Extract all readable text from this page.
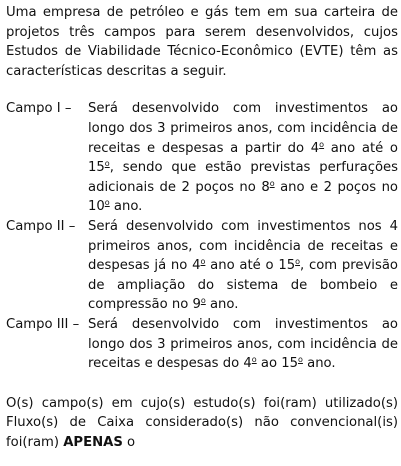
Uma empresa de petróleo e gás tem em sua carteira de projetos três campos para serem desenvolvidos, cujos Estudos de Viabilidade Técnico-Econômico (EVTE) têm as características descritas a seguir.

Campo I –	Será desenvolvido com investimentos ao longo dos 3 primeiros anos, com incidência de receitas e despesas a partir do 4$^o$ ano até o 15$^o$, sendo que estão previstas perfurações adicionais de 2 poços no 8$^o$ ano e 2 poços no 10$^o$ ano.
Campo II – Será desenvolvido com investimentos nos 4 primeiros anos, com incidência de receitas e despesas já no 4$^o$ ano até o 15$^o$, com previsão de ampliação do sistema de bombeio e compressão no 9$^o$ ano.
Campo III – Será desenvolvido com investimentos ao longo dos 3 primeiros anos, com incidência de receitas e despesas do 4$^o$ ao 15$^o$ ano.

O(s) campo(s) em cujo(s) estudo(s) foi(ram) utilizado(s) Fluxo(s) de Caixa considerado(s) não convencional(is) foi(ram) APENAS o
